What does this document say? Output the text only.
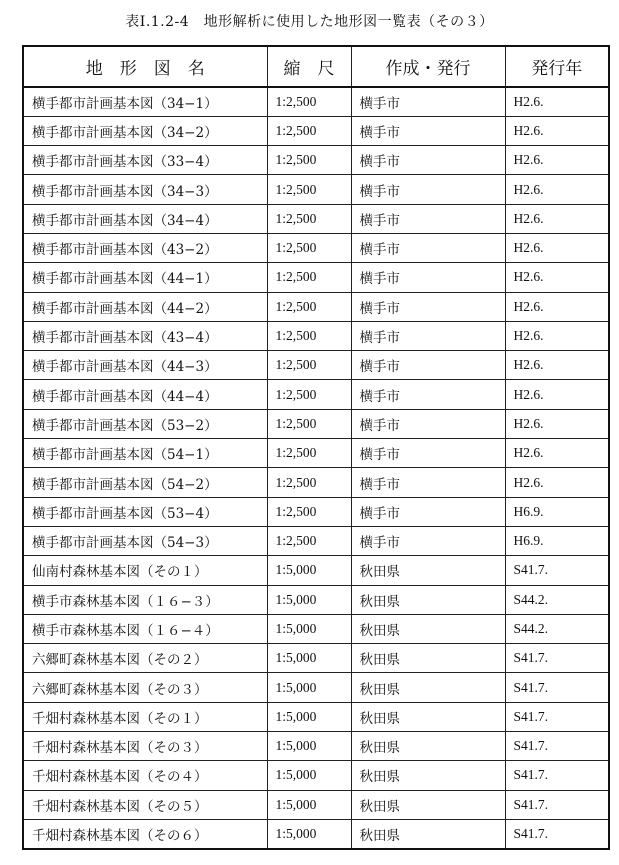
表Ⅰ.1.2-4　地形解析に使用した地形図一覧表（その３）
地　形　図　名	縮　尺	作成・発行	発行年
横手都市計画基本図（34−1）	1:2,500	横手市	H2.6.
横手都市計画基本図（34−2）	1:2,500	横手市	H2.6.
横手都市計画基本図（33−4）	1:2,500	横手市	H2.6.
横手都市計画基本図（34−3）	1:2,500	横手市	H2.6.
横手都市計画基本図（34−4）	1:2,500	横手市	H2.6.
横手都市計画基本図（43−2）	1:2,500	横手市	H2.6.
横手都市計画基本図（44−1）	1:2,500	横手市	H2.6.
横手都市計画基本図（44−2）	1:2,500	横手市	H2.6.
横手都市計画基本図（43−4）	1:2,500	横手市	H2.6.
横手都市計画基本図（44−3）	1:2,500	横手市	H2.6.
横手都市計画基本図（44−4）	1:2,500	横手市	H2.6.
横手都市計画基本図（53−2）	1:2,500	横手市	H2.6.
横手都市計画基本図（54−1）	1:2,500	横手市	H2.6.
横手都市計画基本図（54−2）	1:2,500	横手市	H2.6.
横手都市計画基本図（53−4）	1:2,500	横手市	H6.9.
横手都市計画基本図（54−3）	1:2,500	横手市	H6.9.
仙南村森林基本図（その１）	1:5,000	秋田県	S41.7.
横手市森林基本図（１６−３）	1:5,000	秋田県	S44.2.
横手市森林基本図（１６−４）	1:5,000	秋田県	S44.2.
六郷町森林基本図（その２）	1:5,000	秋田県	S41.7.
六郷町森林基本図（その３）	1:5,000	秋田県	S41.7.
千畑村森林基本図（その１）	1:5,000	秋田県	S41.7.
千畑村森林基本図（その３）	1:5,000	秋田県	S41.7.
千畑村森林基本図（その４）	1:5,000	秋田県	S41.7.
千畑村森林基本図（その５）	1:5,000	秋田県	S41.7.
千畑村森林基本図（その６）	1:5,000	秋田県	S41.7.
